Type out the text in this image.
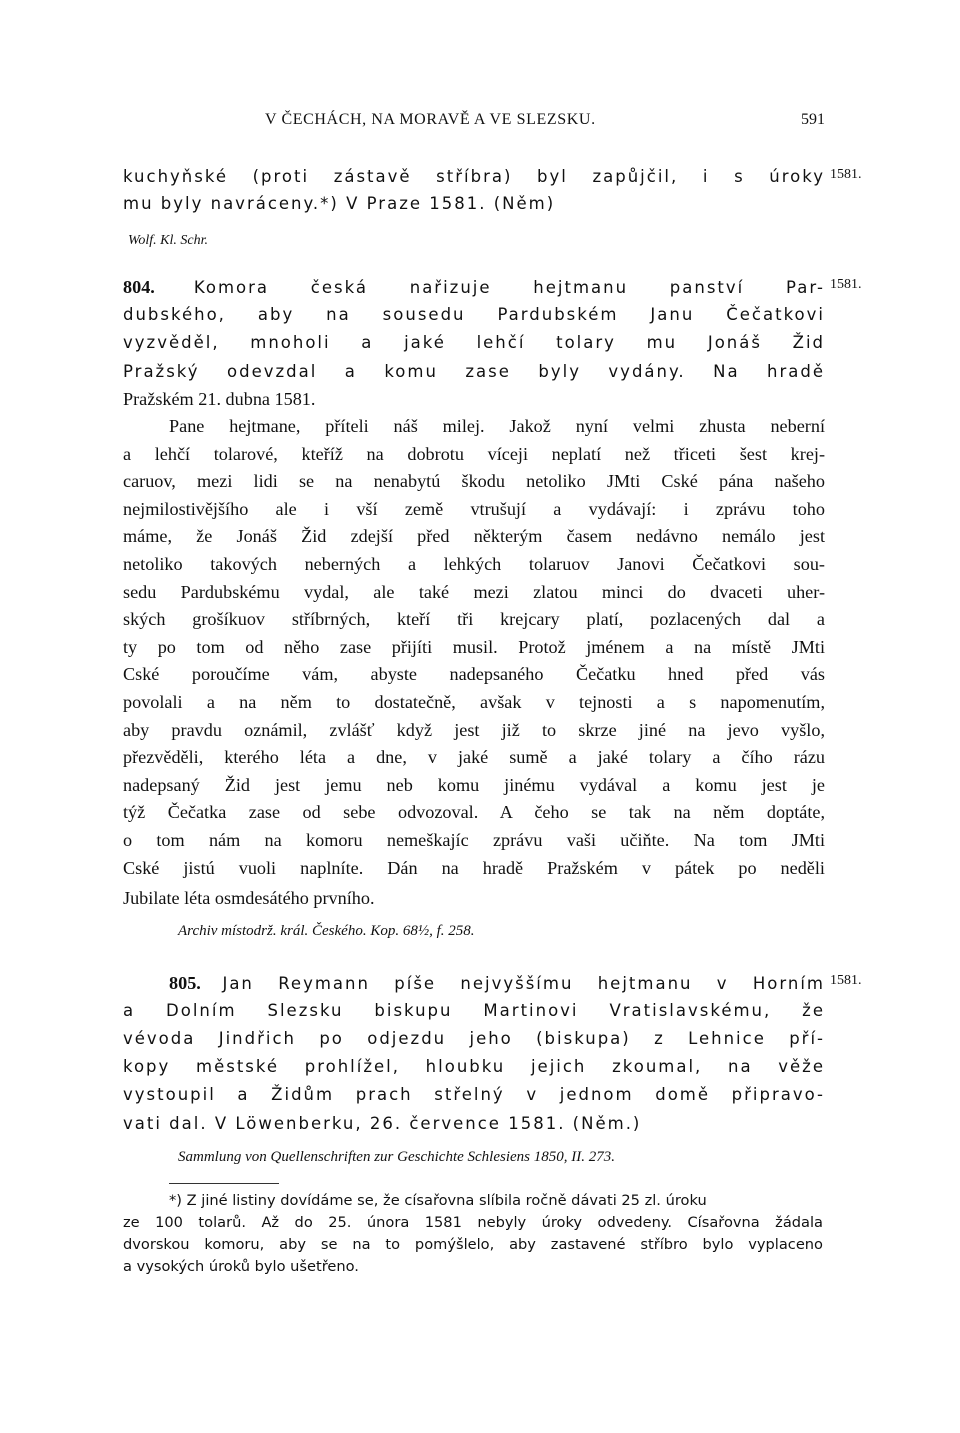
V ČECHÁCH, NA MORAVĚ A VE SLEZSKU.	591
kuchyňské (proti zástavě stříbra) byl zapůjčil, i s úroky 1581.
mu byly navráceny.*) V Praze 1581. (Něm)
Wolf. Kl. Schr.
804. Komora česká nařizuje hejtmanu panství Par- 1581.
dubského, aby na sousedu Pardubském Janu Čečatkovi
vyzvěděl, mnoholi a jaké lehčí tolary mu Jonáš Žid
Pražský odevzdal a komu zase byly vydány. Na hradě
Pražském 21. dubna 1581.
Pane hejtmane, příteli náš milej. Jakož nyní velmi zhusta neberní
a lehčí tolarové, kteříž na dobrotu víceji neplatí než třiceti šest krej-
caruov, mezi lidi se na nenabytú škodu netoliko JMti Cské pána našeho
nejmilostivějšího ale i vší země vtrušují a vydávají: i zprávu toho
máme, že Jonáš Žid zdejší před některým časem nedávno nemálo jest
netoliko takových neberných a lehkých tolaruov Janovi Čečatkovi sou-
sedu Pardubskému vydal, ale také mezi zlatou minci do dvaceti uher-
ských grošíkuov stříbrných, kteří tři krejcary platí, pozlacených dal a
ty po tom od něho zase přijíti musil. Protož jménem a na místě JMti
Cské poroučíme vám, abyste nadepsaného Čečatku hned před vás
povolali a na něm to dostatečně, avšak v tejnosti a s napomenutím,
aby pravdu oznámil, zvlášť když jest již to skrze jiné na jevo vyšlo,
přezvěděli, kterého léta a dne, v jaké sumě a jaké tolary a čího rázu
nadepsaný Žid jest jemu neb komu jinému vydával a komu jest je
týž Čečatka zase od sebe odvozoval. A čeho se tak na něm doptáte,
o tom nám na komoru nemeškajíc zprávu vaši učiňte. Na tom JMti
Cské jistú vuoli naplníte. Dán na hradě Pražském v pátek po neděli
Jubilate léta osmdesátého prvního.
Archiv místodrž. král. Českého. Kop. 68½, f. 258.
805. Jan Reymann píše nejvyššímu hejtmanu v Horním 1581.
a Dolním Slezsku biskupu Martinovi Vratislavskému, že
vévoda Jindřich po odjezdu jeho (biskupa) z Lehnice pří-
kopy městské prohlížel, hloubku jejich zkoumal, na věže
vystoupil a Židům prach střelný v jednom domě připravo-
vati dal. V Löwenberku, 26. července 1581. (Něm.)
Sammlung von Quellenschriften zur Geschichte Schlesiens 1850, II. 273.
*) Z jiné listiny dovídáme se, že císařovna slíbila ročně dávati 25 zl. úroku
ze 100 tolarů. Až do 25. února 1581 nebyly úroky odvedeny. Císařovna žádala
dvorskou komoru, aby se na to pomýšlelo, aby zastavené stříbro bylo vyplaceno
a vysokých úroků bylo ušetřeno.
